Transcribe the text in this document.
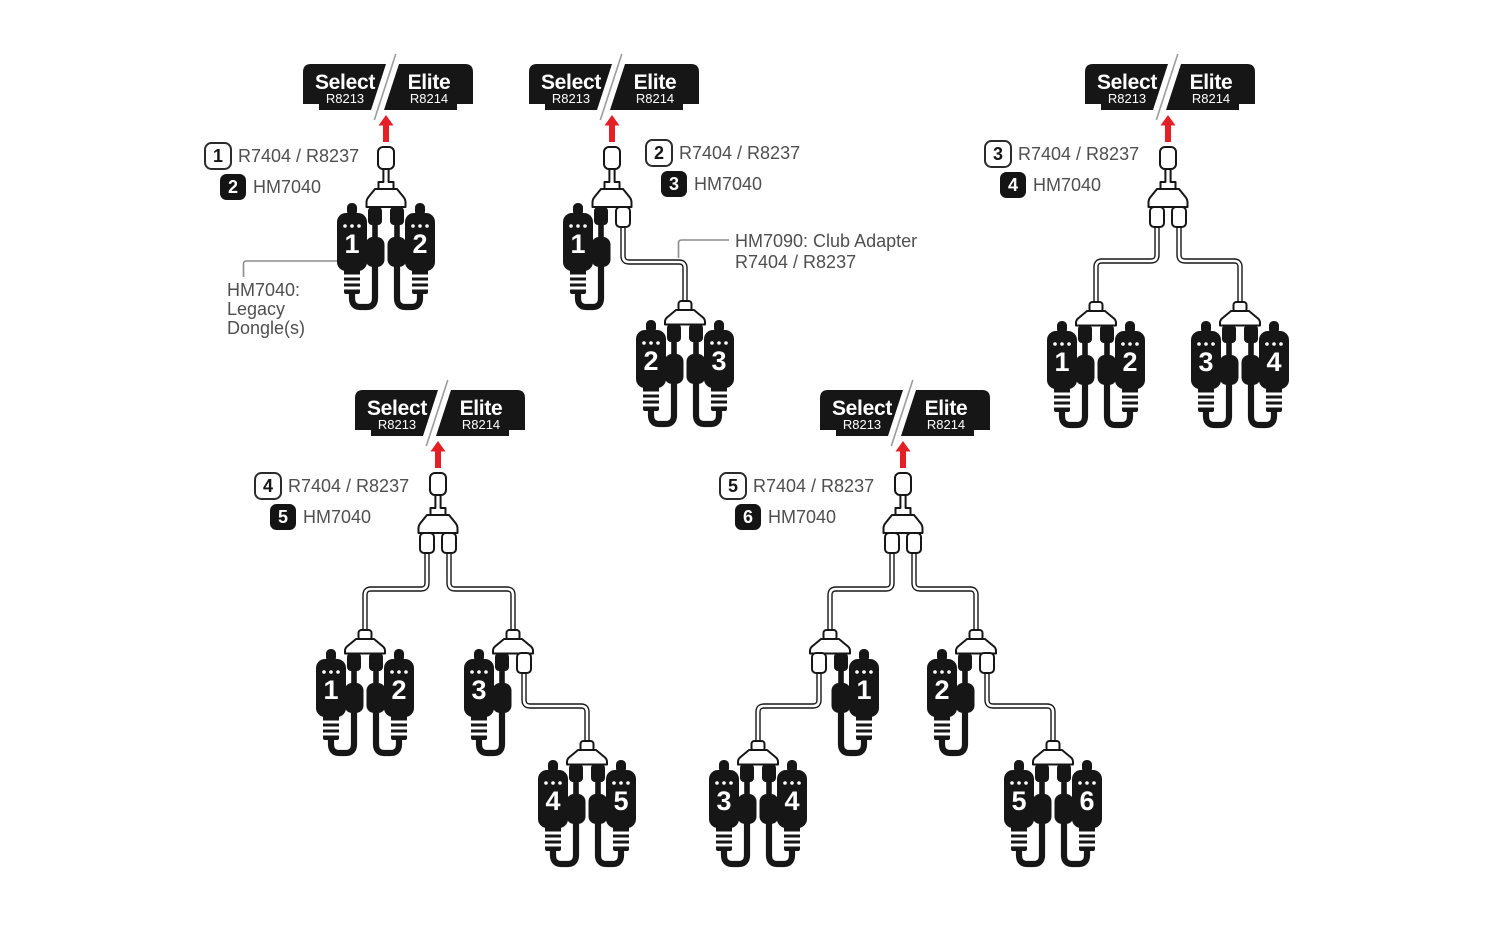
Select
R8213
Elite
R8214
1 2
1 R7404 / R8237
2 HM7040
HM7040:
Legacy
Dongle(s)
Select
R8213
Elite
R8214
1
2 3
2 R7404 / R8237
3 HM7040
HM7090: Club Adapter
R7404 / R8237
Select
R8213
Elite
R8214
1 2 3 4
3 R7404 / R8237
4 HM7040
Select
R8213
Elite
R8214
1 2 3
4 5
4 R7404 / R8237
5 HM7040
Select
R8213
Elite
R8214
1 2
3 4	5 6
5 R7404 / R8237
6 HM7040
